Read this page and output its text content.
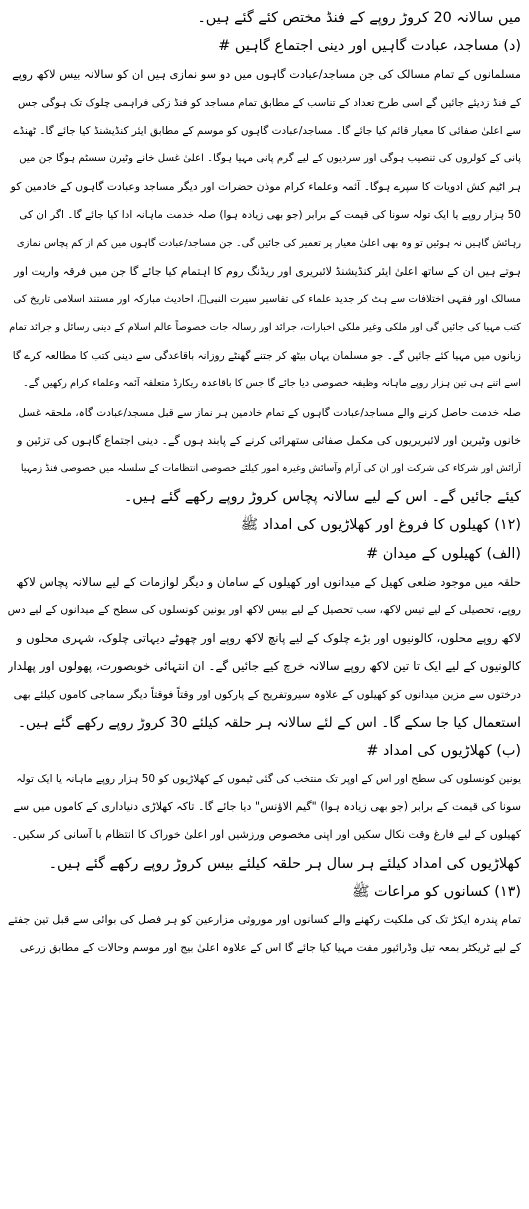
میں سالانہ 20 کروڑ روپے کے فنڈ مختص کئے گئے ہیں۔
(د) مساجد، عبادت گاہیں اور دینی اجتماع گاہیں #
مسلمانوں کے تمام مسالک کی جن مساجد/عبادت گاہوں میں دو سو نمازی ہیں ان کو سالانہ بیس لاکھ روپے
کے فنڈ زدیئے جائیں گے اسی طرح تعداد کے تناسب کے مطابق تمام مساجد کو فنڈ زکی فراہمی چلوک تک ہوگی جس
سے اعلیٰ صفائی کا معیار قائم کیا جائے گا۔ مساجد/عبادت گاہوں کو موسم کے مطابق ایئر کنڈیشنڈ کیا جائے گا۔ ٹھنڈے
پانی کے کولروں کی تنصیب ہوگی اور سردیوں کے لیے گرم پانی مہیا ہوگا۔ اعلیٰ غسل خانے وٹیرن سسٹم ہوگا جن میں
ہر اٹیم کش ادویات کا سپرے ہوگا۔ آئمہ وعلماء کرام موذن حضرات اور دیگر مساجد وعبادت گاہوں کے خادمین کو
50 ہزار روپے یا ایک تولہ سونا کی قیمت کے برابر (جو بھی زیادہ ہوا) صلہ خدمت ماہانہ ادا کیا جائے گا۔ اگر ان کی
رہائش گاہیں نہ ہوئیں تو وہ بھی اعلیٰ معیار پر تعمیر کی جائیں گی۔ جن مساجد/عبادت گاہوں میں کم از کم پچاس نمازی
ہوتے ہیں ان کے ساتھ اعلیٰ ایئر کنڈیشنڈ لائبریری اور ریڈنگ روم کا اہتمام کیا جائے گا جن میں فرقہ واریت اور
مسالک اور فقہی اختلافات سے ہٹ کر جدید علماء کی تفاسیر سیرت النبیؐ، احادیث مبارکہ اور مستند اسلامی تاریخ کی
کتب مہیا کی جائیں گی اور ملکی وغیر ملکی اخبارات، جرائد اور رسالہ جات خصوصاً عالم اسلام کے دینی رسائل و جرائد تمام
زبانوں میں مہیا کئے جائیں گے۔ جو مسلمان یہاں بیٹھ کر جتنے گھنٹے روزانہ باقاعدگی سے دینی کتب کا مطالعہ کرے گا
اسے اتنے ہی تین ہزار روپے ماہانہ وظیفہ خصوصی دیا جائے گا جس کا باقاعدہ ریکارڈ متعلقہ آئمہ وعلماء کرام رکھیں گے۔
صلہ خدمت حاصل کرنے والے مساجد/عبادت گاہوں کے تمام خادمین ہر نماز سے قبل مسجد/عبادت گاہ، ملحقہ غسل
خانوں وٹیرین اور لائبریریوں کی مکمل صفائی ستھرائی کرنے کے پابند ہوں گے۔ دینی اجتماع گاہوں کی تزئین و
آرائش اور شرکاء کی شرکت اور ان کی آرام وآسائش وغیرہ امور کیلئے خصوصی انتظامات کے سلسلہ میں خصوصی فنڈ زمہیا
کیئے جائیں گے۔ اس کے لیے سالانہ پچاس کروڑ روپے رکھے گئے ہیں۔
(۱۲) کھیلوں کا فروغ اور کھلاڑیوں کی امداد ﷺ
(الف) کھیلوں کے میدان #
حلقہ میں موجود ضلعی کھیل کے میدانوں اور کھیلوں کے سامان و دیگر لوازمات کے لیے سالانہ پچاس لاکھ
روپے، تحصیلی کے لیے تیس لاکھ، سب تحصیل کے لیے بیس لاکھ اور یونین کونسلوں کی سطح کے میدانوں کے لیے دس
لاکھ روپے محلوں، کالونیوں اور بڑے چلوک کے لیے پانچ لاکھ روپے اور چھوٹے دیہاتی چلوک، شہری محلوں و
کالونیوں کے لیے ایک تا تین لاکھ روپے سالانہ خرچ کیے جائیں گے۔ ان انتہائی خوبصورت، پھولوں اور پھلدار
درختوں سے مزین میدانوں کو کھیلوں کے علاوہ سیروتفریح کے پارکوں اور وقتاً فوقتاً دیگر سماجی کاموں کیلئے بھی
استعمال کیا جا سکے گا۔ اس کے لئے سالانہ ہر حلقہ کیلئے 30 کروڑ روپے رکھے گئے ہیں۔
(ب) کھلاڑیوں کی امداد #
یونین کونسلوں کی سطح اور اس کے اوپر تک منتخب کی گئی ٹیموں کے کھلاڑیوں کو 50 ہزار روپے ماہانہ یا ایک تولہ
سونا کی قیمت کے برابر (جو بھی زیادہ ہوا) "گیم الاؤنس" دیا جائے گا۔ تاکہ کھلاڑی دنیاداری کے کاموں میں سے
کھیلوں کے لیے فارغ وقت نکال سکیں اور اپنی مخصوص ورزشیں اور اعلیٰ خوراک کا انتظام با آسانی کر سکیں۔
کھلاڑیوں کی امداد کیلئے ہر سال ہر حلقہ کیلئے بیس کروڑ روپے رکھے گئے ہیں۔
(۱۳) کسانوں کو مراعات ﷺ
تمام پندرہ ایکڑ تک کی ملکیت رکھنے والے کسانوں اور موروثی مزارعین کو ہر فصل کی بوائی سے قبل تین جفتے
کے لیے ٹریکٹر بمعہ تیل وڈرائیور مفت مہیا کیا جائے گا اس کے علاوہ اعلیٰ بیج اور موسم وحالات کے مطابق زرعی
